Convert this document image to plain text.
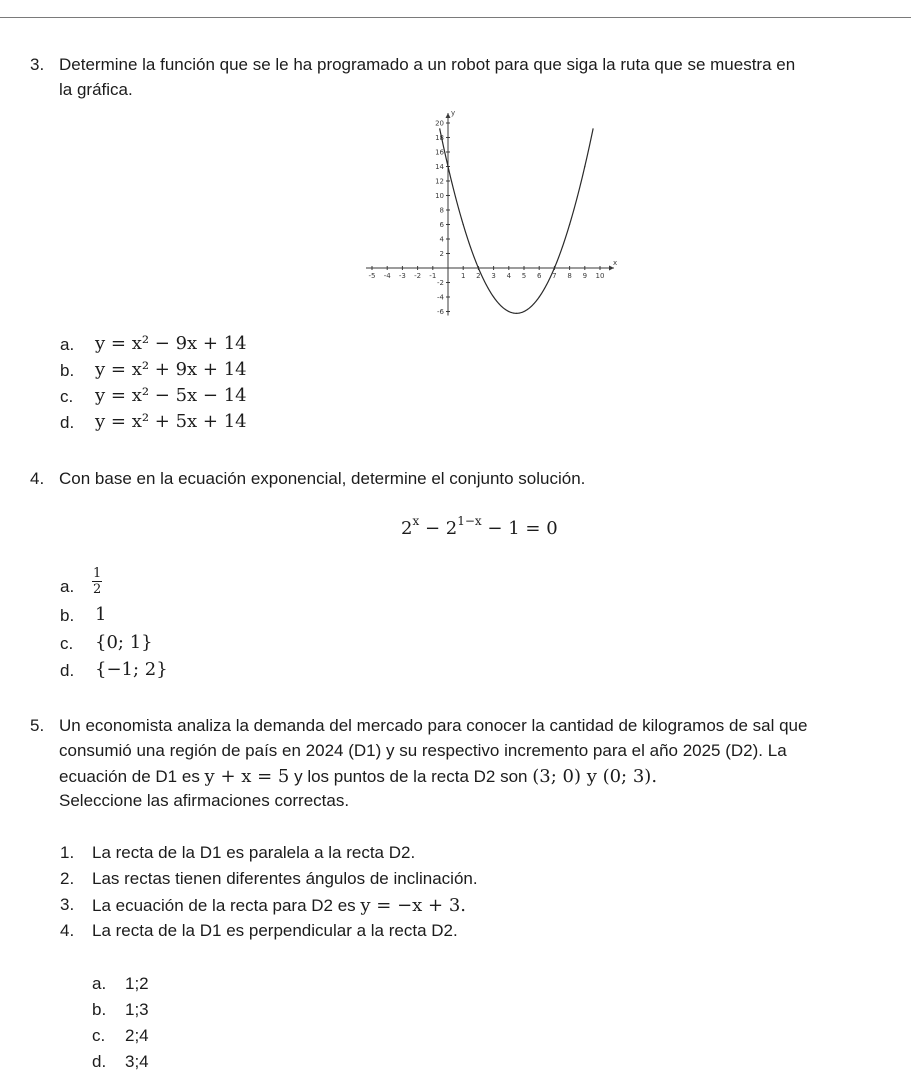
3. Determine la función que se le ha programado a un robot para que siga la ruta que se muestra en
la gráfica.
x
y
-5 -4 -3 -2 -1	1 2 3 4 5 6 7 8 9 10
-6
-4
-2
2
4
6
8
10
12
14
16
18
20
a. y = x² − 9x + 14
b. y = x² + 9x + 14
c. y = x² − 5x − 14
d. y = x² + 5x + 14
4. Con base en la ecuación exponencial, determine el conjunto solución.
$2^x - 2^{1-x} - 1 = 0$
a. $\frac{1}{2}$
b. 1
c. {0; 1}
d. {−1; 2}
5. Un economista analiza la demanda del mercado para conocer la cantidad de kilogramos de sal que
consumió una región de país en 2024 (D1) y su respectivo incremento para el año 2025 (D2). La
ecuación de D1 es y + x = 5 y los puntos de la recta D2 son (3; 0) y (0; 3).
Seleccione las afirmaciones correctas.
1. La recta de la D1 es paralela a la recta D2.
2. Las rectas tienen diferentes ángulos de inclinación.
3. La ecuación de la recta para D2 es y = −x + 3.
4. La recta de la D1 es perpendicular a la recta D2.
a. 1;2
b. 1;3
c. 2;4
d. 3;4
